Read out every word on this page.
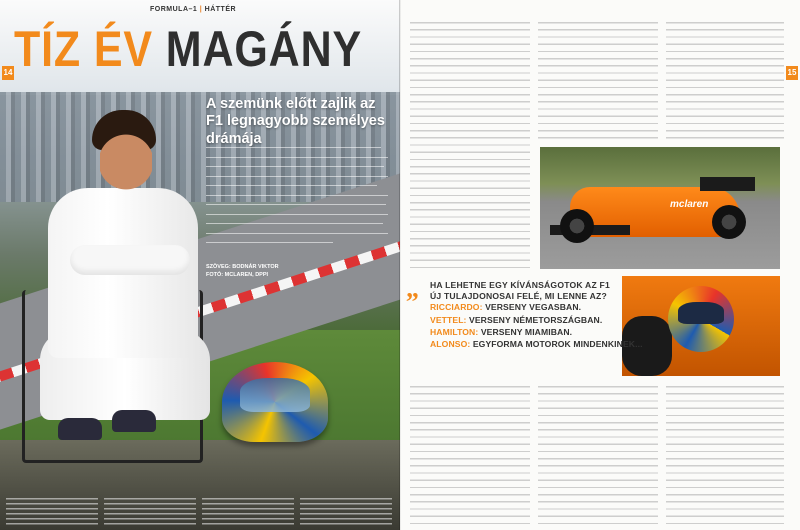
FORMULA–1 | HÁTTÉR
TÍZ ÉV MAGÁNY
14
A szemünk előtt zajlik az F1 legnagyobb személyes drámája
SZÖVEG: BODNÁR VIKTOR
FOTÓ: MCLAREN, DPPI
15
mclaren
„ HA LEHETNE EGY KÍVÁNSÁGOTOK AZ F1 ÚJ TULAJDONOSAI FELÉ, MI LENNE AZ?
RICCIARDO: VERSENY VEGASBAN.
VETTEL: VERSENY NÉMETORSZÁGBAN.
HAMILTON: VERSENY MIAMIBAN.
ALONSO: EGYFORMA MOTOROK MINDENKINEK...
